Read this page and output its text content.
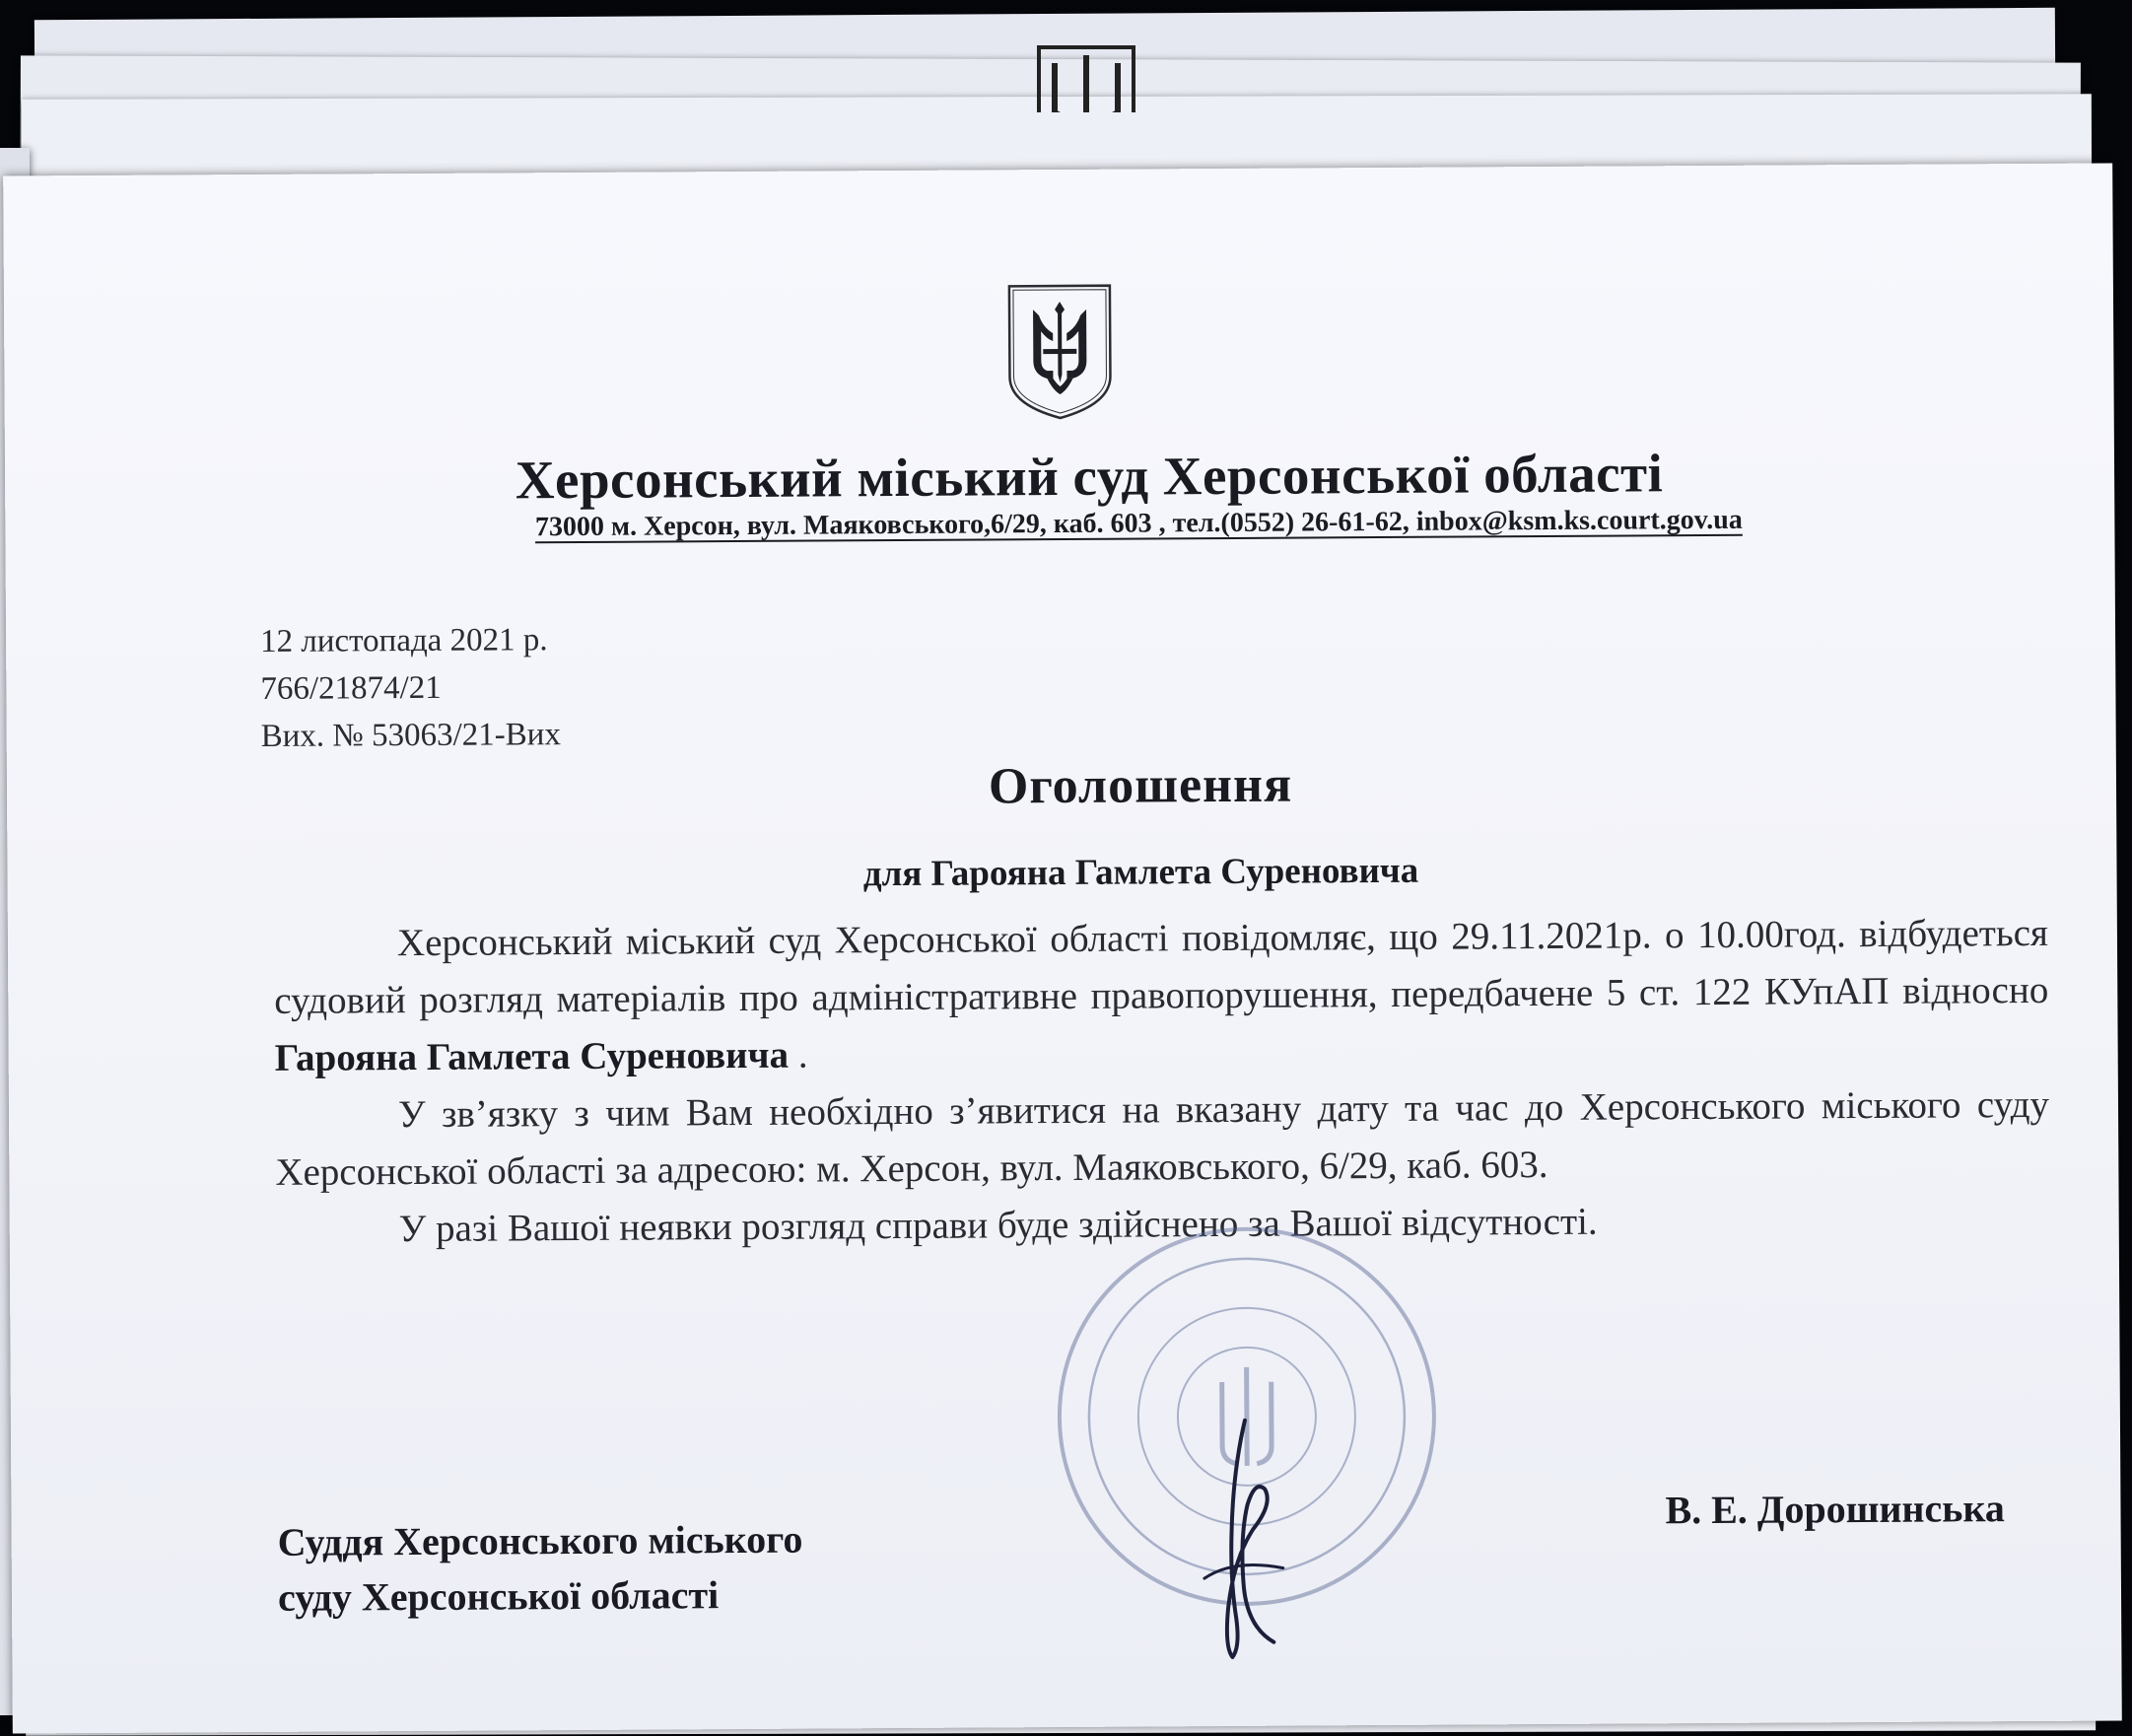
Херсонський міський суд Херсонської області
73000 м. Херсон, вул. Маяковського,6/29, каб. 603 , тел.(0552) 26-61-62, inbox@ksm.ks.court.gov.ua
12 листопада 2021 р.
766/21874/21
Вих. № 53063/21-Вих
Оголошення
для Гарояна Гамлета Суреновича

Херсонський міський суд Херсонської області повідомляє, що 29.11.2021р. о 10.00год. відбудеться судовий розгляд матеріалів про адміністративне правопорушення, передбачене 5 ст. 122 КУпАП відносно Гарояна Гамлета Суреновича .

У зв’язку з чим Вам необхідно з’явитися на вказану дату та час до Херсонського міського суду Херсонської області за адресою: м. Херсон, вул. Маяковського, 6/29, каб. 603.

У разі Вашої неявки розгляд справи буде здійснено за Вашої відсутності.

Суддя Херсонського міського
суду Херсонської області
В. Е. Дорошинська
